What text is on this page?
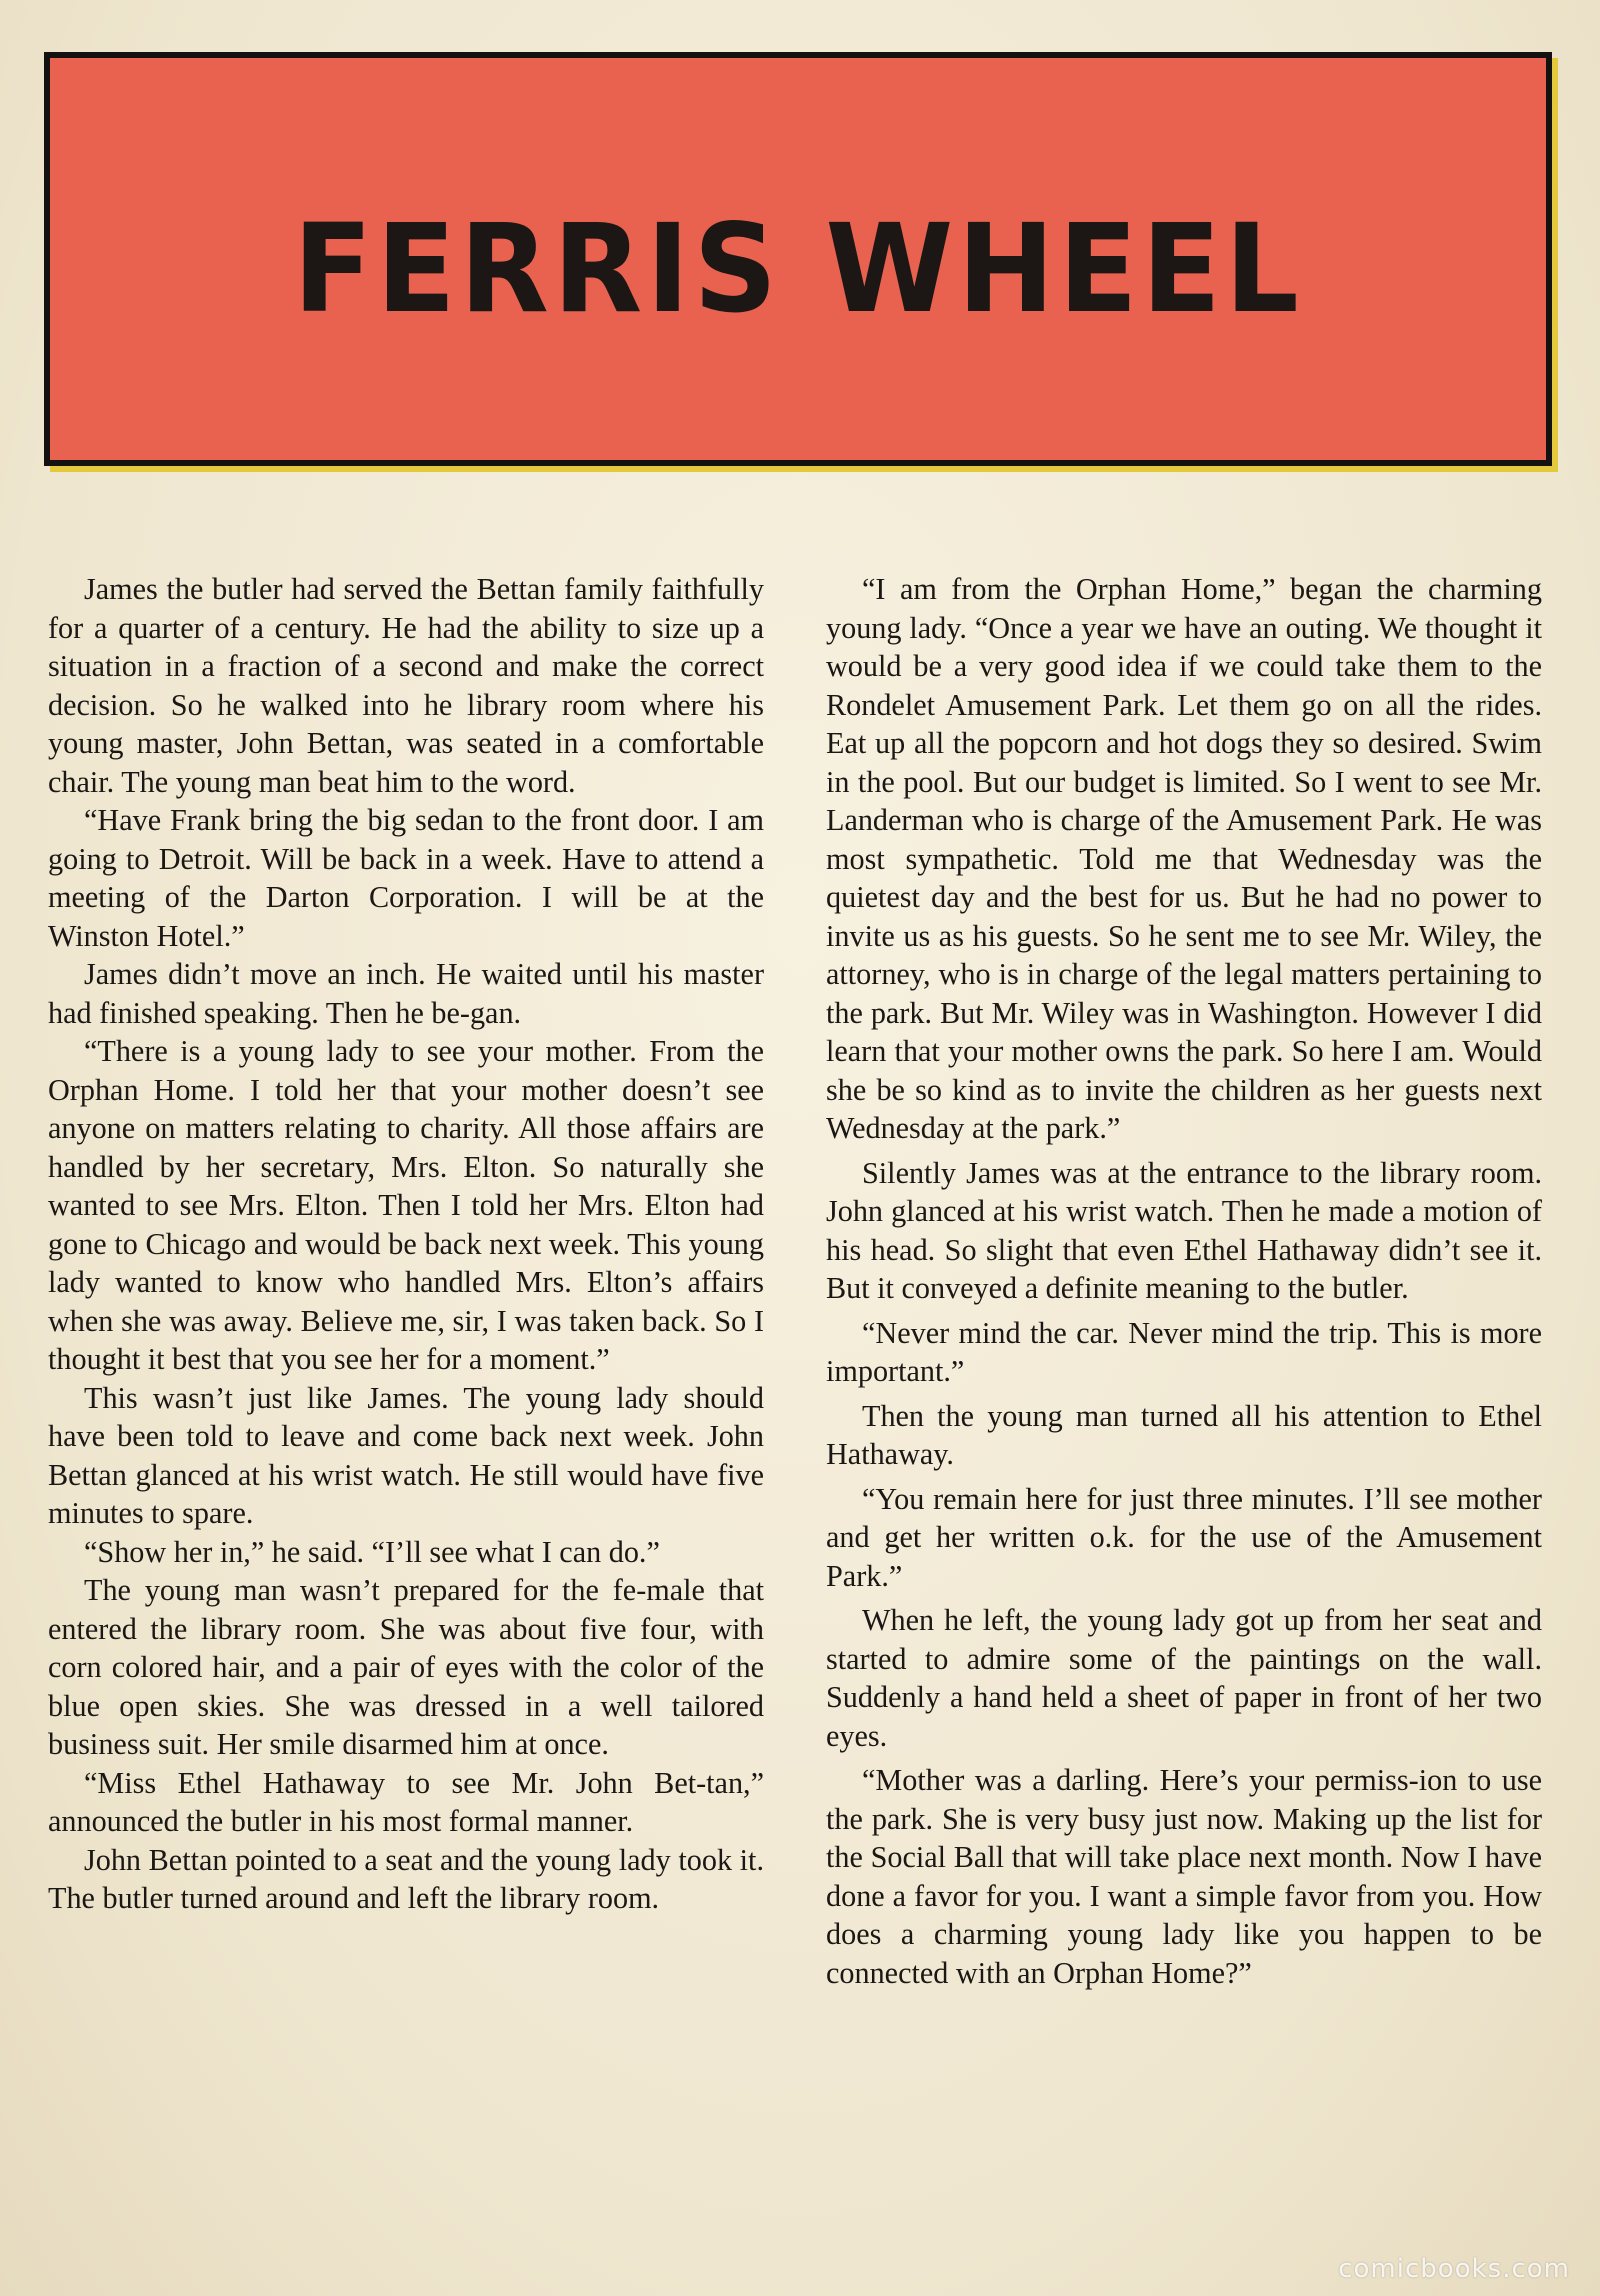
FERRIS WHEEL

James the butler had served the Bettan family faithfully for a quarter of a century. He had the ability to size up a situation in a fraction of a second and make the correct decision. So he walked into he library room where his young master, John Bettan, was seated in a comfortable chair. The young man beat him to the word.

“Have Frank bring the big sedan to the front door. I am going to Detroit. Will be back in a week. Have to attend a meeting of the Darton Corporation. I will be at the Winston Hotel.”

James didn’t move an inch. He waited until his master had finished speaking. Then he be-gan.

“There is a young lady to see your mother. From the Orphan Home. I told her that your mother doesn’t see anyone on matters relating to charity. All those affairs are handled by her secretary, Mrs. Elton. So naturally she wanted to see Mrs. Elton. Then I told her Mrs. Elton had gone to Chicago and would be back next week. This young lady wanted to know who handled Mrs. Elton’s affairs when she was away. Believe me, sir, I was taken back. So I thought it best that you see her for a moment.”

This wasn’t just like James. The young lady should have been told to leave and come back next week. John Bettan glanced at his wrist watch. He still would have five minutes to spare.

“Show her in,” he said. “I’ll see what I can do.”

The young man wasn’t prepared for the fe-male that entered the library room. She was about five four, with corn colored hair, and a pair of eyes with the color of the blue open skies. She was dressed in a well tailored business suit. Her smile disarmed him at once.

“Miss Ethel Hathaway to see Mr. John Bet-tan,” announced the butler in his most formal manner.

John Bettan pointed to a seat and the young lady took it. The butler turned around and left the library room.

“I am from the Orphan Home,” began the charming young lady. “Once a year we have an outing. We thought it would be a very good idea if we could take them to the Rondelet Amusement Park. Let them go on all the rides. Eat up all the popcorn and hot dogs they so desired. Swim in the pool. But our budget is limited. So I went to see Mr. Landerman who is charge of the Amusement Park. He was most sympathetic. Told me that Wednesday was the quietest day and the best for us. But he had no power to invite us as his guests. So he sent me to see Mr. Wiley, the attorney, who is in charge of the legal matters pertaining to the park. But Mr. Wiley was in Washington. However I did learn that your mother owns the park. So here I am. Would she be so kind as to invite the children as her guests next Wednesday at the park.”

Silently James was at the entrance to the library room. John glanced at his wrist watch. Then he made a motion of his head. So slight that even Ethel Hathaway didn’t see it. But it conveyed a definite meaning to the butler.

“Never mind the car. Never mind the trip. This is more important.”

Then the young man turned all his attention to Ethel Hathaway.

“You remain here for just three minutes. I’ll see mother and get her written o.k. for the use of the Amusement Park.”

When he left, the young lady got up from her seat and started to admire some of the paintings on the wall. Suddenly a hand held a sheet of paper in front of her two eyes.

“Mother was a darling. Here’s your permiss-ion to use the park. She is very busy just now. Making up the list for the Social Ball that will take place next month. Now I have done a favor for you. I want a simple favor from you. How does a charming young lady like you happen to be connected with an Orphan Home?”

comicbooks.com
